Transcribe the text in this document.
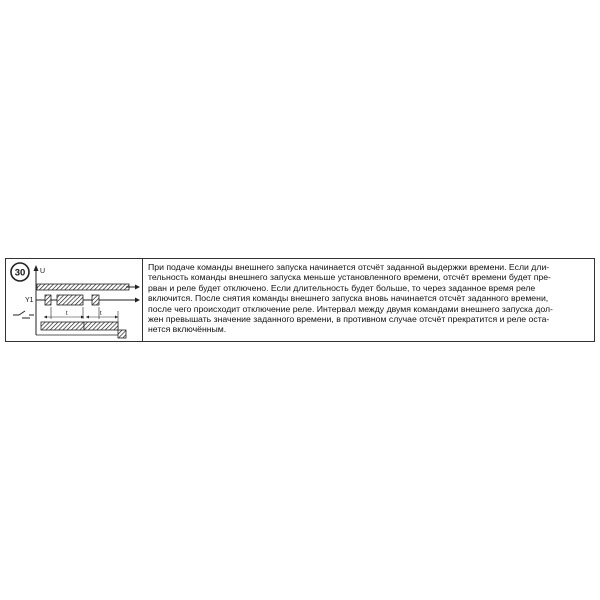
30 U
Y1
t	t
При подаче команды внешнего запуска начинается отсчёт заданной выдержки времени. Если дли-
тельность команды внешнего запуска меньше установленного времени, отсчёт времени будет пре-
рван и реле будет отключено. Если длительность будет больше, то через заданное время реле
включится. После снятия команды внешнего запуска вновь начинается отсчёт заданного времени,
после чего происходит отключение реле. Интервал между двумя командами внешнего запуска дол-
жен превышать значение заданного времени, в противном случае отсчёт прекратится и реле оста-
нется включённым.
